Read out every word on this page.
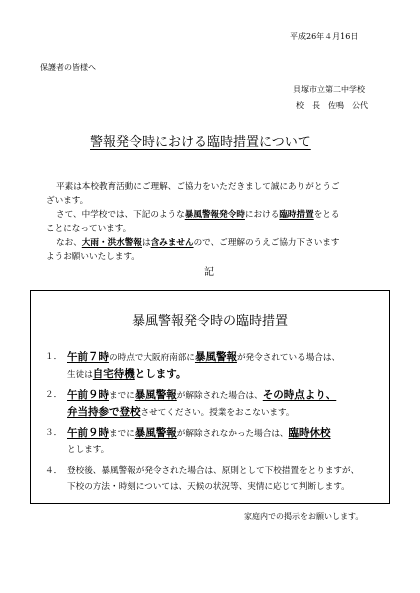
平成26年４月16日
保護者の皆様へ
貝塚市立第二中学校
校　長　佐鳴　公代
警報発令時における臨時措置について
平素は本校教育活動にご理解、ご協力をいただきまして誠にありがとうご
ざいます。
さて、中学校では、下記のような暴風警報発令時における臨時措置をとる
ことになっています。
なお、大雨・洪水警報は含みませんので、ご理解のうえご協力下さいます
ようお願いいたします。
記
暴風警報発令時の臨時措置
１． 午前７時の時点で大阪府南部に暴風警報が発令されている場合は、
生徒は自宅待機とします。
２． 午前９時までに暴風警報が解除された場合は、その時点より、
弁当持参で登校させてください。授業をおこないます。
３． 午前９時までに暴風警報が解除されなかった場合は、臨時休校
とします。
４． 登校後、暴風警報が発令された場合は、原則として下校措置をとりますが、
下校の方法・時刻については、天候の状況等、実情に応じて判断します。
家庭内での掲示をお願いします。
